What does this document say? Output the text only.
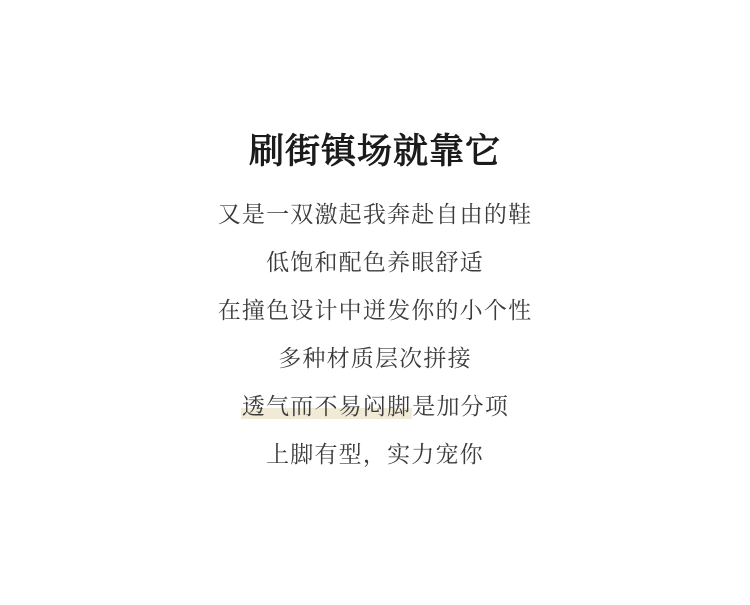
刷街镇场就靠它
又是一双激起我奔赴自由的鞋
低饱和配色养眼舒适
在撞色设计中迸发你的小个性
多种材质层次拼接
透气而不易闷脚是加分项
上脚有型，实力宠你
